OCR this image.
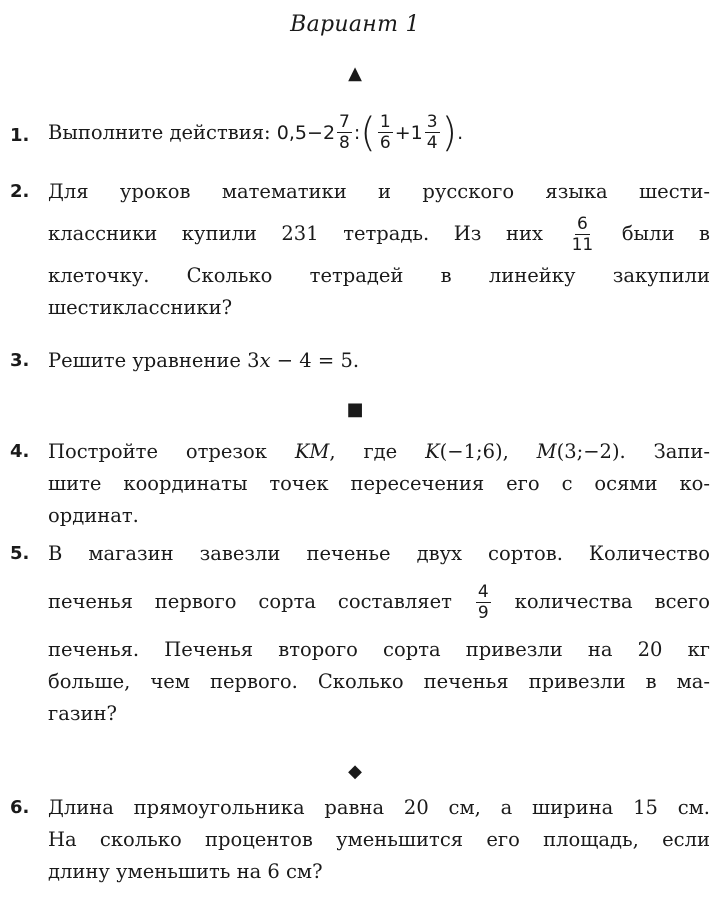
Вариант 1
▲
1. Выполните действия:
$0,5 - 2 \frac{7}{8}$ : ( $\frac{1}{6} + 1 \frac{3}{4}$ ) .
2. Для уроков математики и русского языка шести-
классники купили 231 тетрадь. Из них $\frac{6}{11}$ были в
клеточку. Сколько тетрадей в линейку закупили
шестиклассники?
3. Решите уравнение 3x − 4 = 5.
■
4. Постройте отрезок KM, где K(−1;6), M(3;−2). Запи-
шите координаты точек пересечения его с осями ко-
ординат.
5. В магазин завезли печенье двух сортов. Количество
печенья первого сорта составляет $\frac{4}{9}$ количества всего
печенья. Печенья второго сорта привезли на 20 кг
больше, чем первого. Сколько печенья привезли в ма-
газин?
◆
6. Длина прямоугольника равна 20 см, а ширина 15 см.
На сколько процентов уменьшится его площадь, если
длину уменьшить на 6 см?
